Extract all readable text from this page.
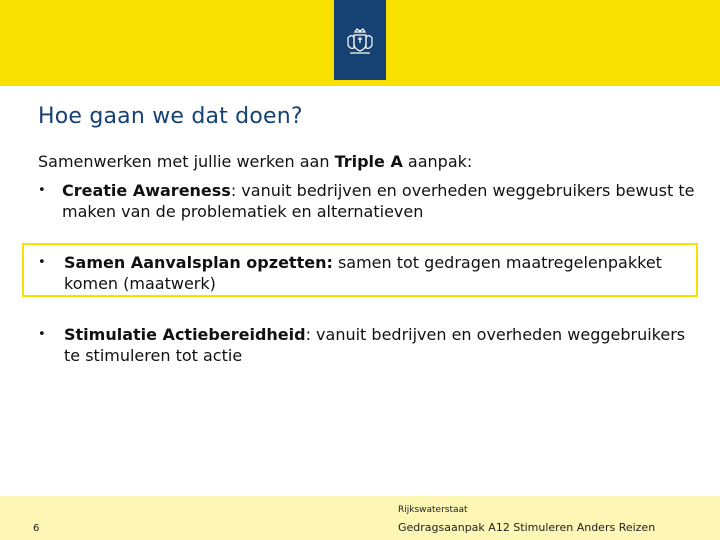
Hoe gaan we dat doen?
Samenwerken met jullie werken aan Triple A aanpak:
• Creatie Awareness: vanuit bedrijven en overheden weggebruikers bewust te maken van de problematiek en alternatieven
• Samen Aanvalsplan opzetten: samen tot gedragen maatregelenpakket komen (maatwerk)
• Stimulatie Actiebereidheid: vanuit bedrijven en overheden weggebruikers te stimuleren tot actie
6
Rijkswaterstaat
Gedragsaanpak A12 Stimuleren Anders Reizen
